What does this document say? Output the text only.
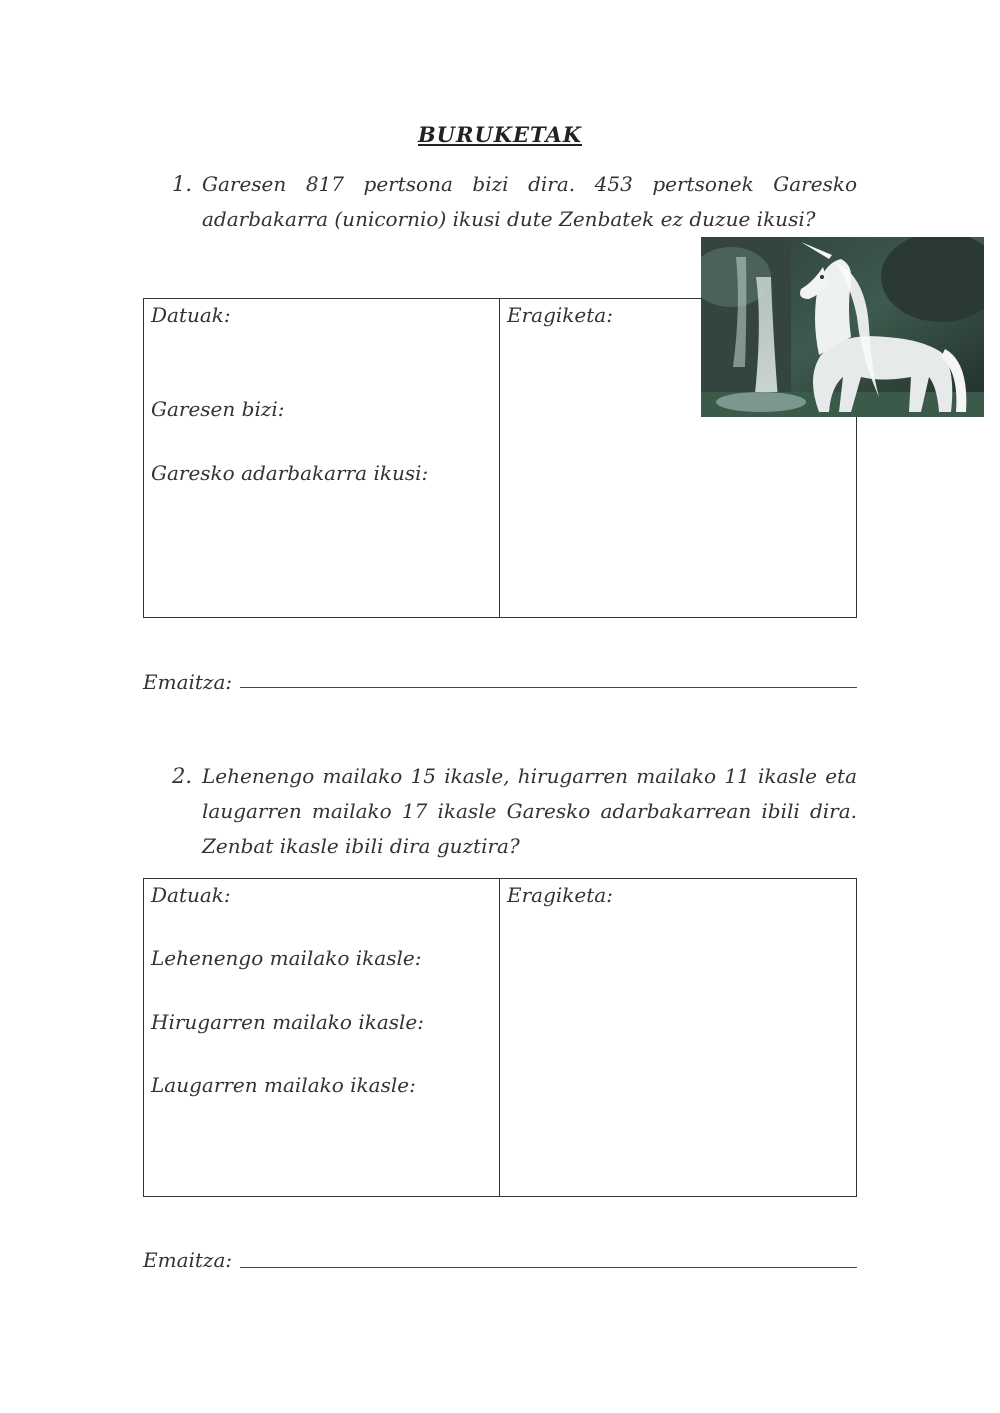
BURUKETAK
1. Garesen 817 pertsona bizi dira. 453 pertsonek Garesko
adarbakarra (unicornio) ikusi dute Zenbatek ez duzue ikusi?
Datuak:	Eragiketa:
Garesen bizi:
Garesko adarbakarra ikusi:
Emaitza:
2. Lehenengo mailako 15 ikasle, hirugarren mailako 11 ikasle eta
laugarren mailako 17 ikasle Garesko adarbakarrean ibili dira.
Zenbat ikasle ibili dira guztira?
Datuak:	Eragiketa:
Lehenengo mailako ikasle:
Hirugarren mailako ikasle:
Laugarren mailako ikasle:
Emaitza:
